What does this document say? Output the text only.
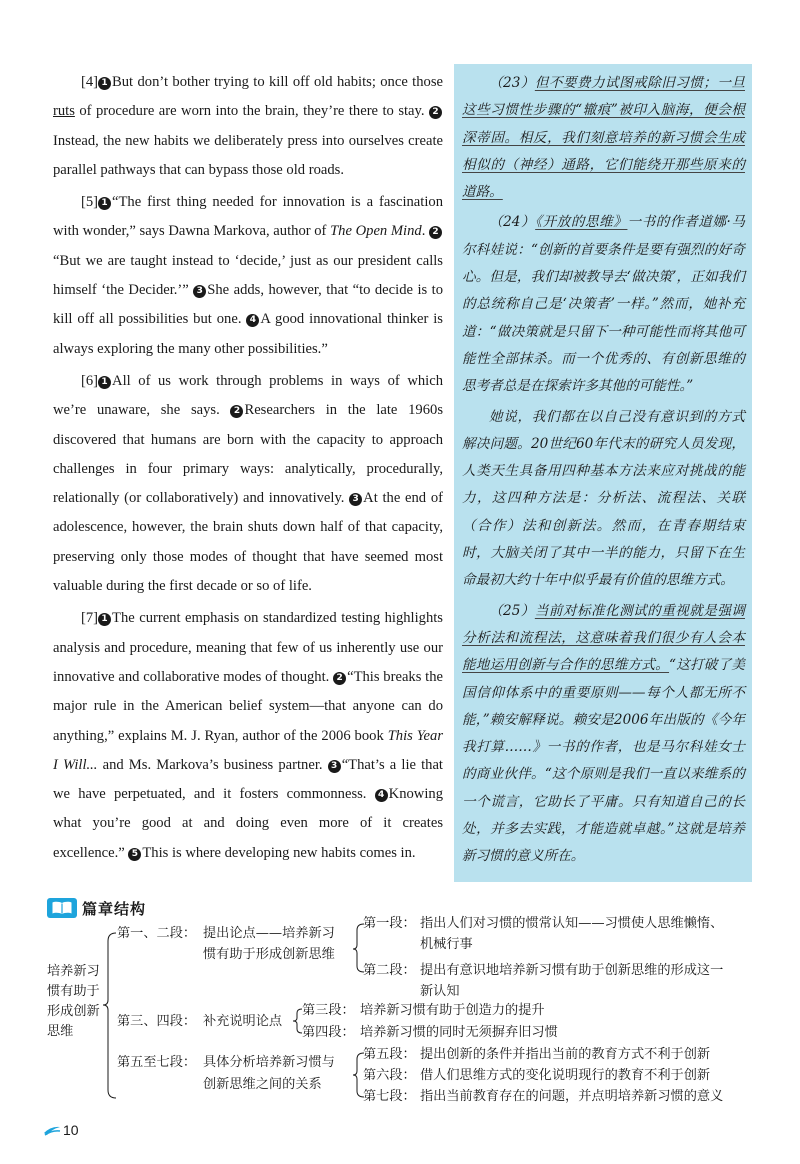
[4] 1 But don’t bother trying to kill off old habits; once those ruts of procedure are worn into the brain, they’re there to stay. 2Instead, the new habits we deliberately press into ourselves create parallel pathways that can bypass those old roads.

[5] 1 “The first thing needed for innovation is a fascination with wonder,” says Dawna Markova, author of The Open Mind. 2“But we are taught instead to ‘decide,’ just as our president calls himself ‘the Decider.’” 3 She adds, however, that “to decide is to kill off all possibilities but one. 4 A good innovational thinker is always exploring the many other possibilities.”

[6] 1 All of us work through problems in ways of which we’re unaware, she says. 2 Researchers in the late 1960s discovered that humans are born with the capacity to approach challenges in four primary ways: analytically, procedurally, relationally (or collaboratively) and innovatively. 3 At the end of adolescence, however, the brain shuts down half of that capacity, preserving only those modes of thought that have seemed most valuable during the first decade or so of life.

[7] 1 The current emphasis on standardized testing highlights analysis and procedure, meaning that few of us inherently use our innovative and collaborative modes of thought. 2 “This breaks the major rule in the American belief system—that anyone can do anything,” explains M. J. Ryan, author of the 2006 book This Year I Will... and Ms. Markova’s business partner. 3 “That’s a lie that we have perpetuated, and it fosters commonness. 4 Knowing what you’re good at and doing even more of it creates excellence.” 5 This is where developing new habits comes in.

（23）但不要费力试图戒除旧习惯；一旦这些习惯性步骤的“辙痕”被印入脑海，便会根深蒂固。相反，我们刻意培养的新习惯会生成相似的（神经）通路，它们能绕开那些原来的道路。

（24）《开放的思维》一书的作者道娜·马尔科娃说：“创新的首要条件是要有强烈的好奇心。但是，我们却被教导去‘做决策’，正如我们的总统称自己是‘决策者’一样。”然而，她补充道：“做决策就是只留下一种可能性而将其他可能性全部抹杀。而一个优秀的、有创新思维的思考者总是在探索许多其他的可能性。”

她说，我们都在以自己没有意识到的方式解决问题。20世纪60年代末的研究人员发现，人类天生具备用四种基本方法来应对挑战的能力，这四种方法是：分析法、流程法、关联（合作）法和创新法。然而，在青春期结束时，大脑关闭了其中一半的能力，只留下在生命最初大约十年中似乎最有价值的思维方式。

（25）当前对标准化测试的重视就是强调分析法和流程法，这意味着我们很少有人会本能地运用创新与合作的思维方式。“这打破了美国信仰体系中的重要原则——每个人都无所不能，”赖安解释说。赖安是2006年出版的《今年我打算……》一书的作者，也是马尔科娃女士的商业伙伴。“这个原则是我们一直以来维系的一个谎言，它助长了平庸。只有知道自己的长处，并多去实践，才能造就卓越。”这就是培养新习惯的意义所在。

篇章结构
培养新习
惯有助于
形成创新
思维
第一、二段： 提出论点——培养新习
惯有助于形成创新思维
第一段： 指出人们对习惯的惯常认知——习惯使人思维懒惰、
机械行事
第二段： 提出有意识地培养新习惯有助于创新思维的形成这一
新认知
第三、四段： 补充说明论点
第三段： 培养新习惯有助于创造力的提升
第四段： 培养新习惯的同时无须摒弃旧习惯
第五至七段： 具体分析培养新习惯与
创新思维之间的关系
第五段： 提出创新的条件并指出当前的教育方式不利于创新
第六段： 借人们思维方式的变化说明现行的教育不利于创新
第七段： 指出当前教育存在的问题，并点明培养新习惯的意义
10
